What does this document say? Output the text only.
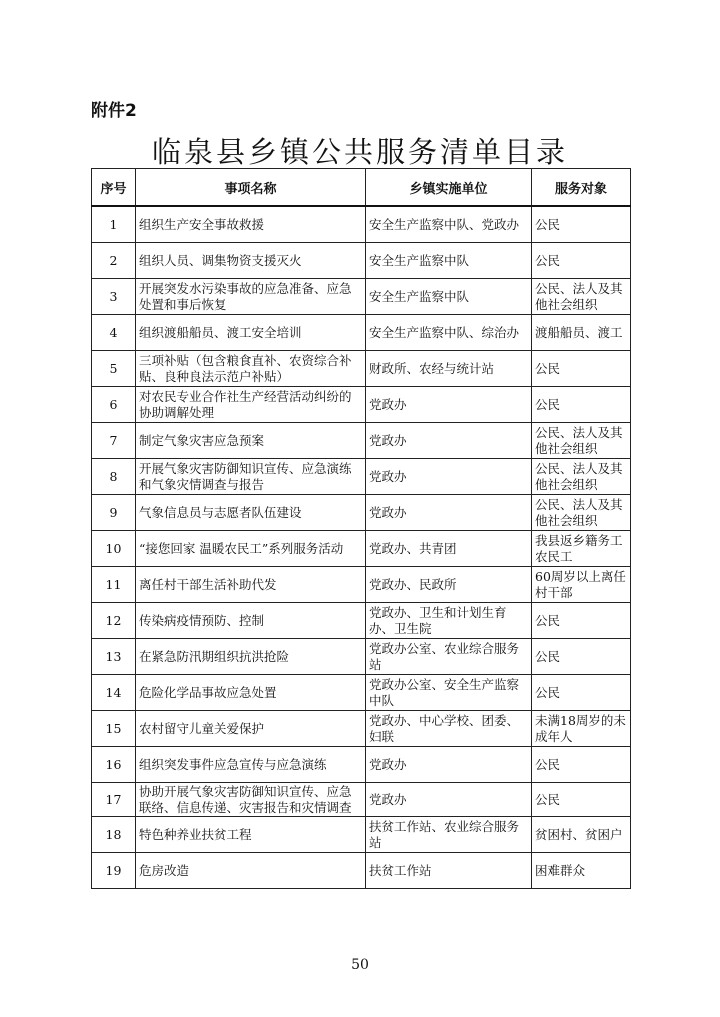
附件2
临泉县乡镇公共服务清单目录
序号	事项名称	乡镇实施单位	服务对象
1	组织生产安全事故救援	安全生产监察中队、党政办	公民
2	组织人员、调集物资支援灭火	安全生产监察中队	公民
3	开展突发水污染事故的应急准备、应急处置和事后恢复	安全生产监察中队	公民、法人及其他社会组织
4	组织渡船船员、渡工安全培训	安全生产监察中队、综治办	渡船船员、渡工
5	三项补贴（包含粮食直补、农资综合补贴、良种良法示范户补贴）	财政所、农经与统计站	公民
6	对农民专业合作社生产经营活动纠纷的协助调解处理	党政办	公民
7	制定气象灾害应急预案	党政办	公民、法人及其他社会组织
8	开展气象灾害防御知识宣传、应急演练和气象灾情调查与报告	党政办	公民、法人及其他社会组织
9	气象信息员与志愿者队伍建设	党政办	公民、法人及其他社会组织
10	“接您回家 温暖农民工”系列服务活动	党政办、共青团	我县返乡籍务工农民工
11	离任村干部生活补助代发	党政办、民政所	60周岁以上离任村干部
12	传染病疫情预防、控制	党政办、卫生和计划生育办、卫生院	公民
13	在紧急防汛期组织抗洪抢险	党政办公室、农业综合服务站	公民
14	危险化学品事故应急处置	党政办公室、安全生产监察中队	公民
15	农村留守儿童关爱保护	党政办、中心学校、团委、妇联	未满18周岁的未成年人
16	组织突发事件应急宣传与应急演练	党政办	公民
17	协助开展气象灾害防御知识宣传、应急联络、信息传递、灾害报告和灾情调查	党政办	公民
18	特色种养业扶贫工程	扶贫工作站、农业综合服务站	贫困村、贫困户
19	危房改造	扶贫工作站	困难群众
50
